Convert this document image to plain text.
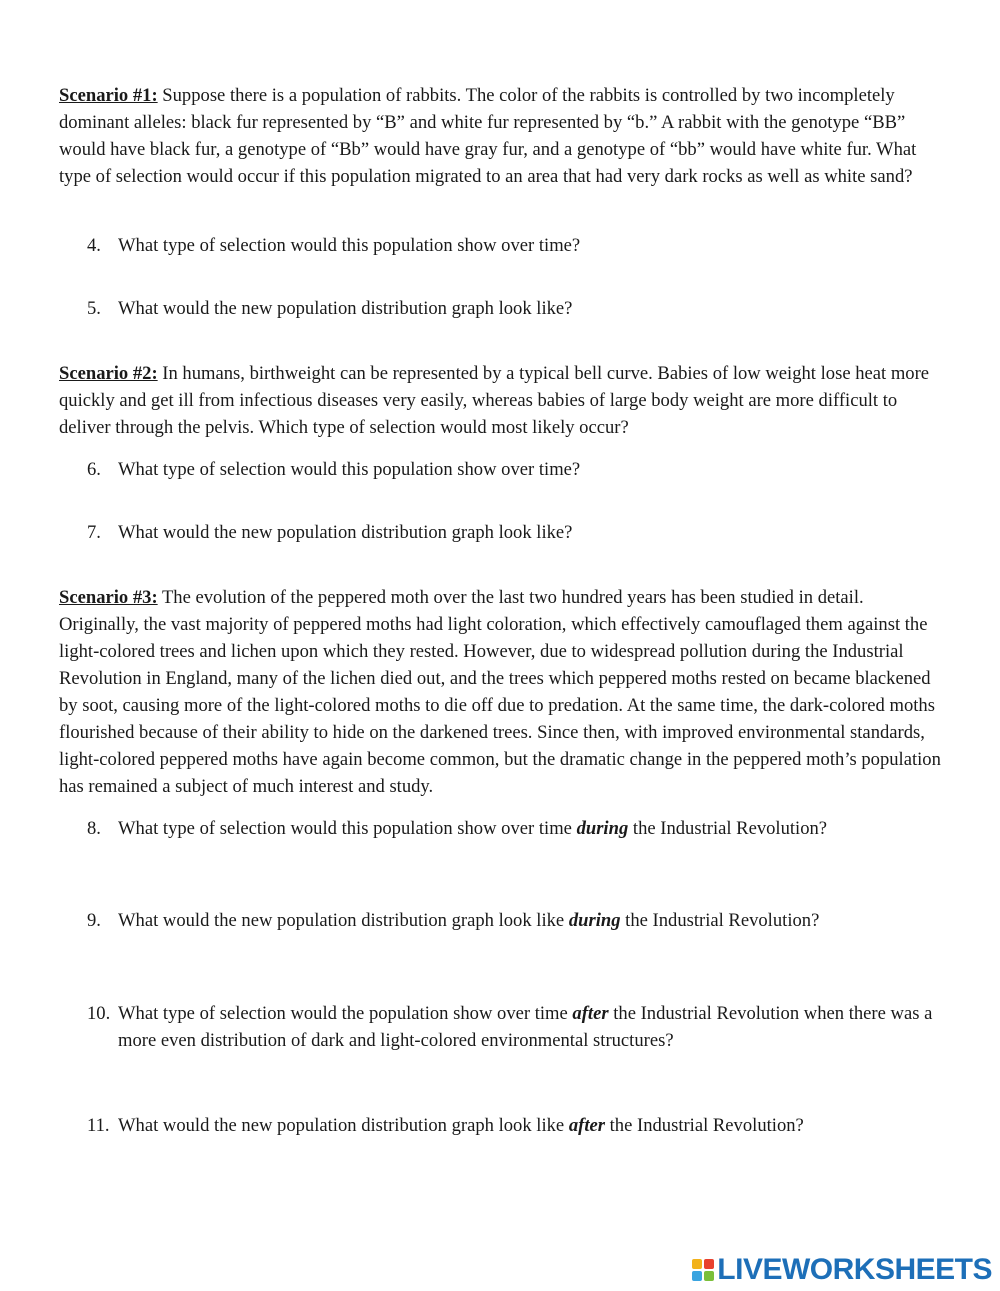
Scenario #1: Suppose there is a population of rabbits. The color of the rabbits is controlled by two incompletely dominant alleles: black fur represented by “B” and white fur represented by “b.” A rabbit with the genotype “BB” would have black fur, a genotype of “Bb” would have gray fur, and a genotype of “bb” would have white fur. What type of selection would occur if this population migrated to an area that had very dark rocks as well as white sand?

4. What type of selection would this population show over time?
5. What would the new population distribution graph look like?

Scenario #2: In humans, birthweight can be represented by a typical bell curve. Babies of low weight lose heat more quickly and get ill from infectious diseases very easily, whereas babies of large body weight are more difficult to deliver through the pelvis. Which type of selection would most likely occur?

6. What type of selection would this population show over time?
7. What would the new population distribution graph look like?

Scenario #3: The evolution of the peppered moth over the last two hundred years has been studied in detail. Originally, the vast majority of peppered moths had light coloration, which effectively camouflaged them against the light-colored trees and lichen upon which they rested. However, due to widespread pollution during the Industrial Revolution in England, many of the lichen died out, and the trees which peppered moths rested on became blackened by soot, causing more of the light-colored moths to die off due to predation. At the same time, the dark-colored moths flourished because of their ability to hide on the darkened trees. Since then, with improved environmental standards, light-colored peppered moths have again become common, but the dramatic change in the peppered moth’s population has remained a subject of much interest and study.

8. What type of selection would this population show over time during the Industrial Revolution?
9. What would the new population distribution graph look like during the Industrial Revolution?
10. What type of selection would the population show over time after the Industrial Revolution when there was a more even distribution of dark and light-colored environmental structures?
11. What would the new population distribution graph look like after the Industrial Revolution?
LIVEWORKSHEETS
